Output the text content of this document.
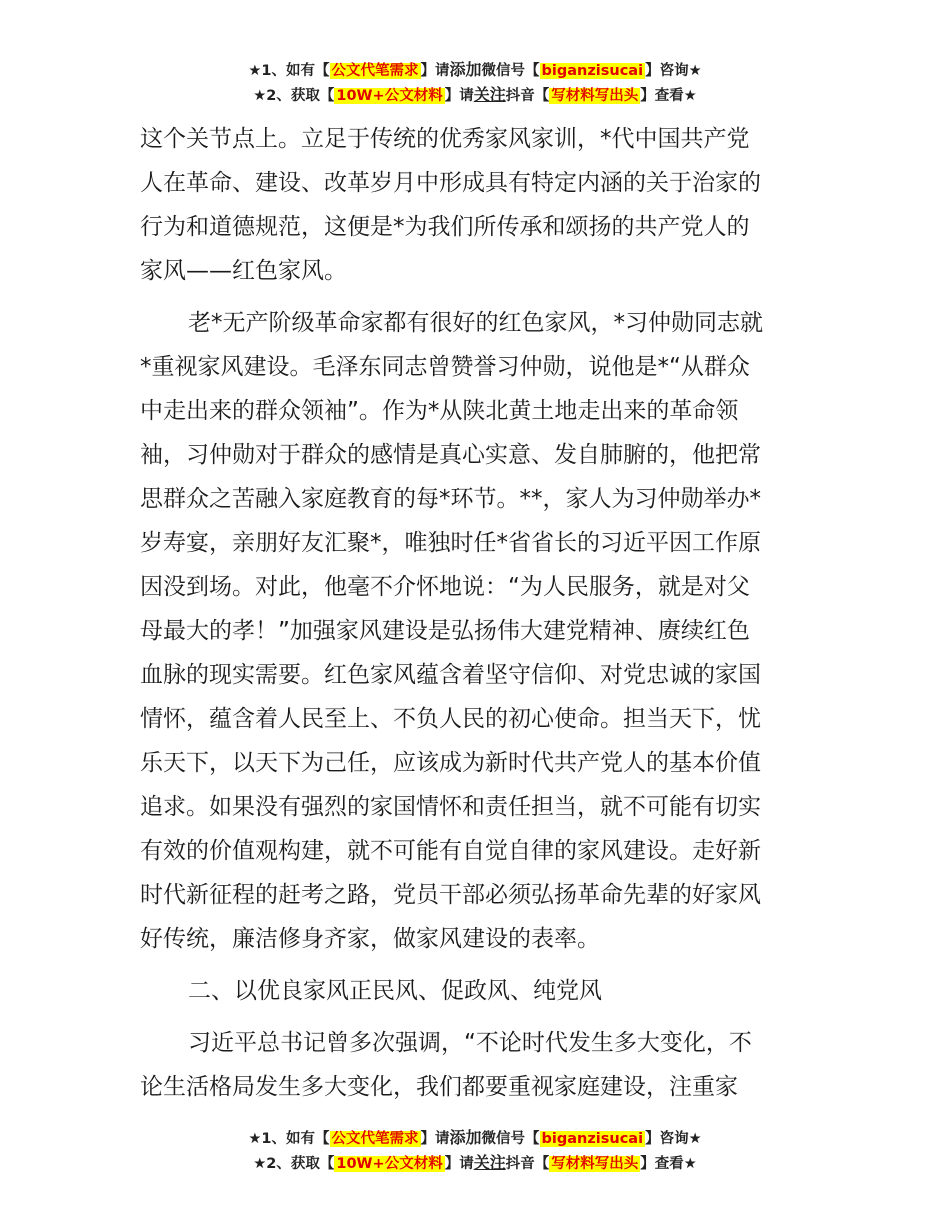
★1、如有【 公文代笔需求 】请添加微信号【 biganzisucai 】咨询★
★2、获取【 10W+公文材料 】请关注抖音【 写材料写出头 】查看★
这个关节点上。立足于传统的优秀家风家训，*代中国共产党
人在革命、建设、改革岁月中形成具有特定内涵的关于治家的
行为和道德规范，这便是*为我们所传承和颂扬的共产党人的
家风——红色家风。
老*无产阶级革命家都有很好的红色家风，*习仲勋同志就
*重视家风建设。毛泽东同志曾赞誉习仲勋，说他是*“从群众
中走出来的群众领袖”。作为*从陕北黄土地走出来的革命领
袖，习仲勋对于群众的感情是真心实意、发自肺腑的，他把常
思群众之苦融入家庭教育的每*环节。**，家人为习仲勋举办*
岁寿宴，亲朋好友汇聚*，唯独时任*省省长的习近平因工作原
因没到场。对此，他毫不介怀地说：“为人民服务，就是对父
母最大的孝！”加强家风建设是弘扬伟大建党精神、赓续红色
血脉的现实需要。红色家风蕴含着坚守信仰、对党忠诚的家国
情怀，蕴含着人民至上、不负人民的初心使命。担当天下，忧
乐天下，以天下为己任，应该成为新时代共产党人的基本价值
追求。如果没有强烈的家国情怀和责任担当，就不可能有切实
有效的价值观构建，就不可能有自觉自律的家风建设。走好新
时代新征程的赶考之路，党员干部必须弘扬革命先辈的好家风
好传统，廉洁修身齐家，做家风建设的表率。
二、以优良家风正民风、促政风、纯党风
习近平总书记曾多次强调，“不论时代发生多大变化，不
论生活格局发生多大变化，我们都要重视家庭建设，注重家
★1、如有【 公文代笔需求 】请添加微信号【 biganzisucai 】咨询★
★2、获取【 10W+公文材料 】请关注抖音【 写材料写出头 】查看★
